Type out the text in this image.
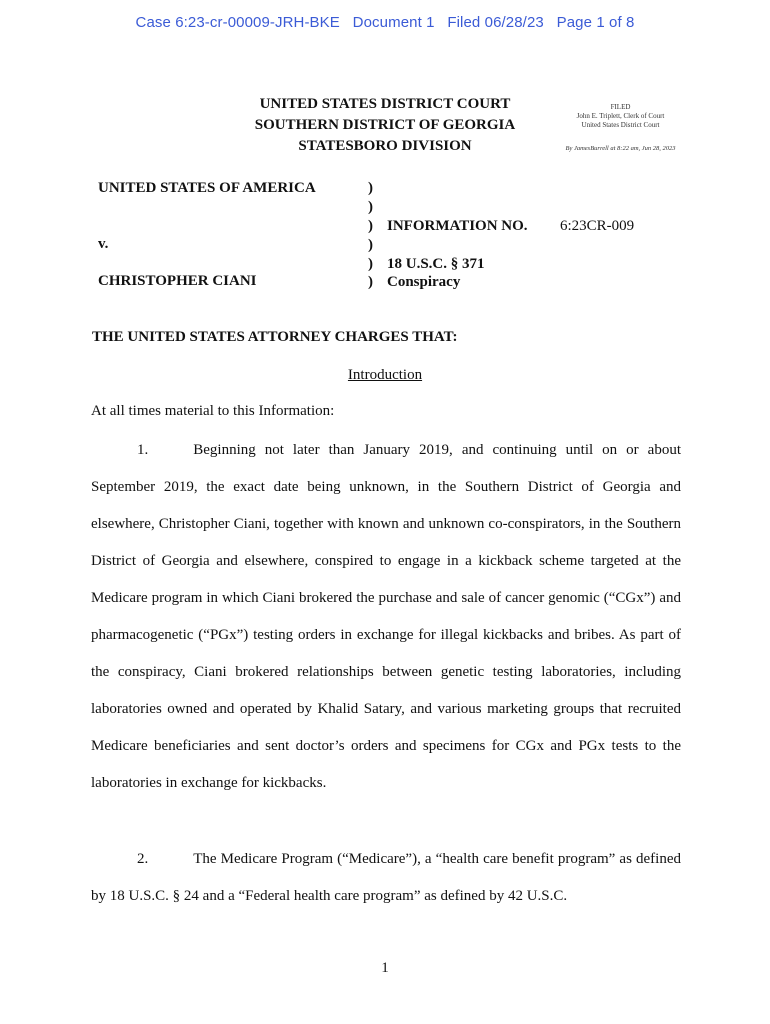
Case 6:23-cr-00009-JRH-BKE   Document 1   Filed 06/28/23   Page 1 of 8
UNITED STATES DISTRICT COURT
SOUTHERN DISTRICT OF GEORGIA
STATESBORO DIVISION
FILED
John E. Triplett, Clerk of Court
United States District Court
By JamesBurrell at 8:22 am, Jun 28, 2023
UNITED STATES OF AMERICA
v.
CHRISTOPHER CIANI
)
)
)
)
)
)
INFORMATION NO. 6:23CR-009
18 U.S.C. § 371
Conspiracy
THE UNITED STATES ATTORNEY CHARGES THAT:
Introduction
At all times material to this Information:
1.   Beginning not later than January 2019, and continuing until on or about September 2019, the exact date being unknown, in the Southern District of Georgia and elsewhere, Christopher Ciani, together with known and unknown co-conspirators, in the Southern District of Georgia and elsewhere, conspired to engage in a kickback scheme targeted at the Medicare program in which Ciani brokered the purchase and sale of cancer genomic (“CGx”) and pharmacogenetic (“PGx”) testing orders in exchange for illegal kickbacks and bribes. As part of the conspiracy, Ciani brokered relationships between genetic testing laboratories, including laboratories owned and operated by Khalid Satary, and various marketing groups that recruited Medicare beneficiaries and sent doctor’s orders and specimens for CGx and PGx tests to the laboratories in exchange for kickbacks.
2.   The Medicare Program (“Medicare”), a “health care benefit program” as defined by 18 U.S.C. § 24 and a “Federal health care program” as defined by 42 U.S.C.
1
